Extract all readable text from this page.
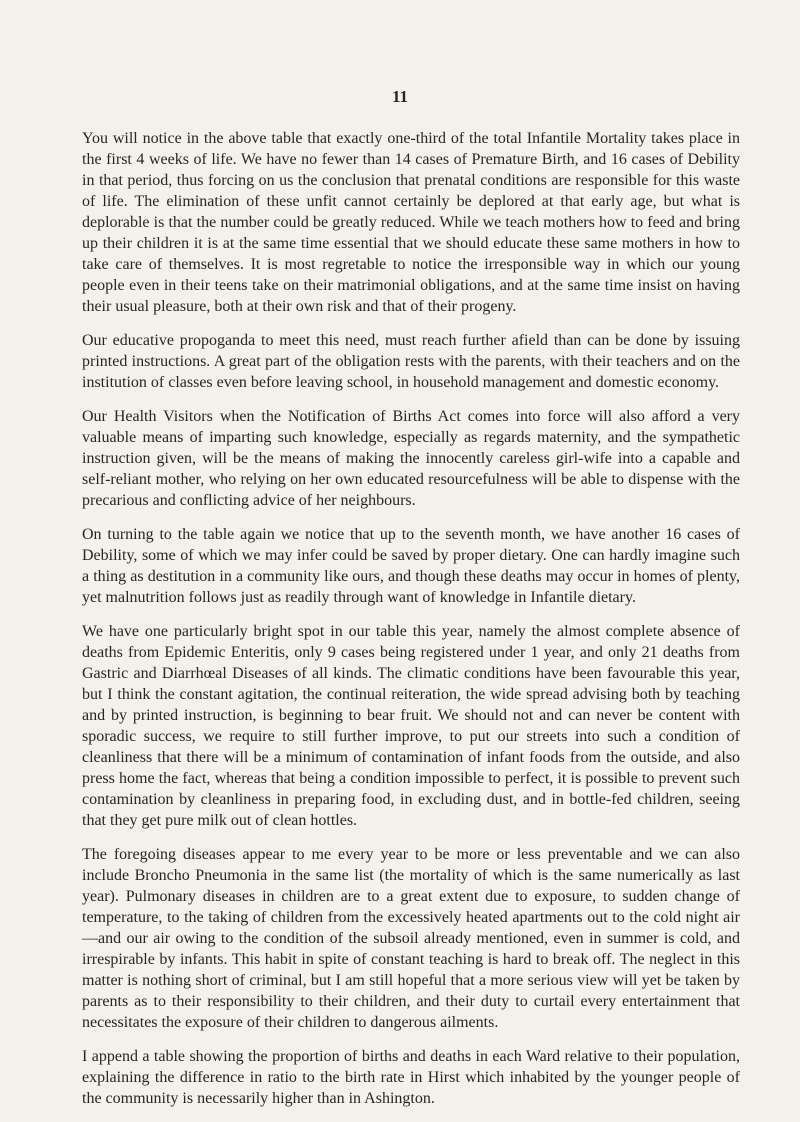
11

You will notice in the above table that exactly one-third of the total Infantile Mortality takes place in the first 4 weeks of life. We have no fewer than 14 cases of Premature Birth, and 16 cases of Debility in that period, thus forcing on us the conclusion that prenatal conditions are responsible for this waste of life. The elimination of these unfit cannot certainly be deplored at that early age, but what is deplorable is that the number could be greatly reduced. While we teach mothers how to feed and bring up their children it is at the same time essential that we should educate these same mothers in how to take care of themselves. It is most regretable to notice the irresponsible way in which our young people even in their teens take on their matrimonial obligations, and at the same time insist on having their usual pleasure, both at their own risk and that of their progeny.

Our educative propoganda to meet this need, must reach further afield than can be done by issuing printed instructions. A great part of the obligation rests with the parents, with their teachers and on the institution of classes even before leaving school, in household management and domestic economy.

Our Health Visitors when the Notification of Births Act comes into force will also afford a very valuable means of imparting such knowledge, especially as regards maternity, and the sympathetic instruction given, will be the means of making the innocently careless girl-wife into a capable and self-reliant mother, who relying on her own educated resourcefulness will be able to dispense with the precarious and conflicting advice of her neighbours.

On turning to the table again we notice that up to the seventh month, we have another 16 cases of Debility, some of which we may infer could be saved by proper dietary. One can hardly imagine such a thing as destitution in a community like ours, and though these deaths may occur in homes of plenty, yet malnutrition follows just as readily through want of knowledge in Infantile dietary.

We have one particularly bright spot in our table this year, namely the almost complete absence of deaths from Epidemic Enteritis, only 9 cases being registered under 1 year, and only 21 deaths from Gastric and Diarrhœal Diseases of all kinds. The climatic conditions have been favourable this year, but I think the constant agitation, the continual reiteration, the wide spread advising both by teaching and by printed instruction, is beginning to bear fruit. We should not and can never be content with sporadic success, we require to still further improve, to put our streets into such a condition of cleanliness that there will be a minimum of contamination of infant foods from the outside, and also press home the fact, whereas that being a condition impossible to perfect, it is possible to prevent such contamination by cleanliness in preparing food, in excluding dust, and in bottle-fed children, seeing that they get pure milk out of clean hottles.

The foregoing diseases appear to me every year to be more or less preventable and we can also include Broncho Pneumonia in the same list (the mortality of which is the same numerically as last year). Pulmonary diseases in children are to a great extent due to exposure, to sudden change of temperature, to the taking of children from the excessively heated apartments out to the cold night air—and our air owing to the condition of the subsoil already mentioned, even in summer is cold, and irrespirable by infants. This habit in spite of constant teaching is hard to break off. The neglect in this matter is nothing short of criminal, but I am still hopeful that a more serious view will yet be taken by parents as to their responsibility to their children, and their duty to curtail every entertainment that necessitates the exposure of their children to dangerous ailments.

I append a table showing the proportion of births and deaths in each Ward relative to their population, explaining the difference in ratio to the birth rate in Hirst which inhabited by the younger people of the community is necessarily higher than in Ashington.
